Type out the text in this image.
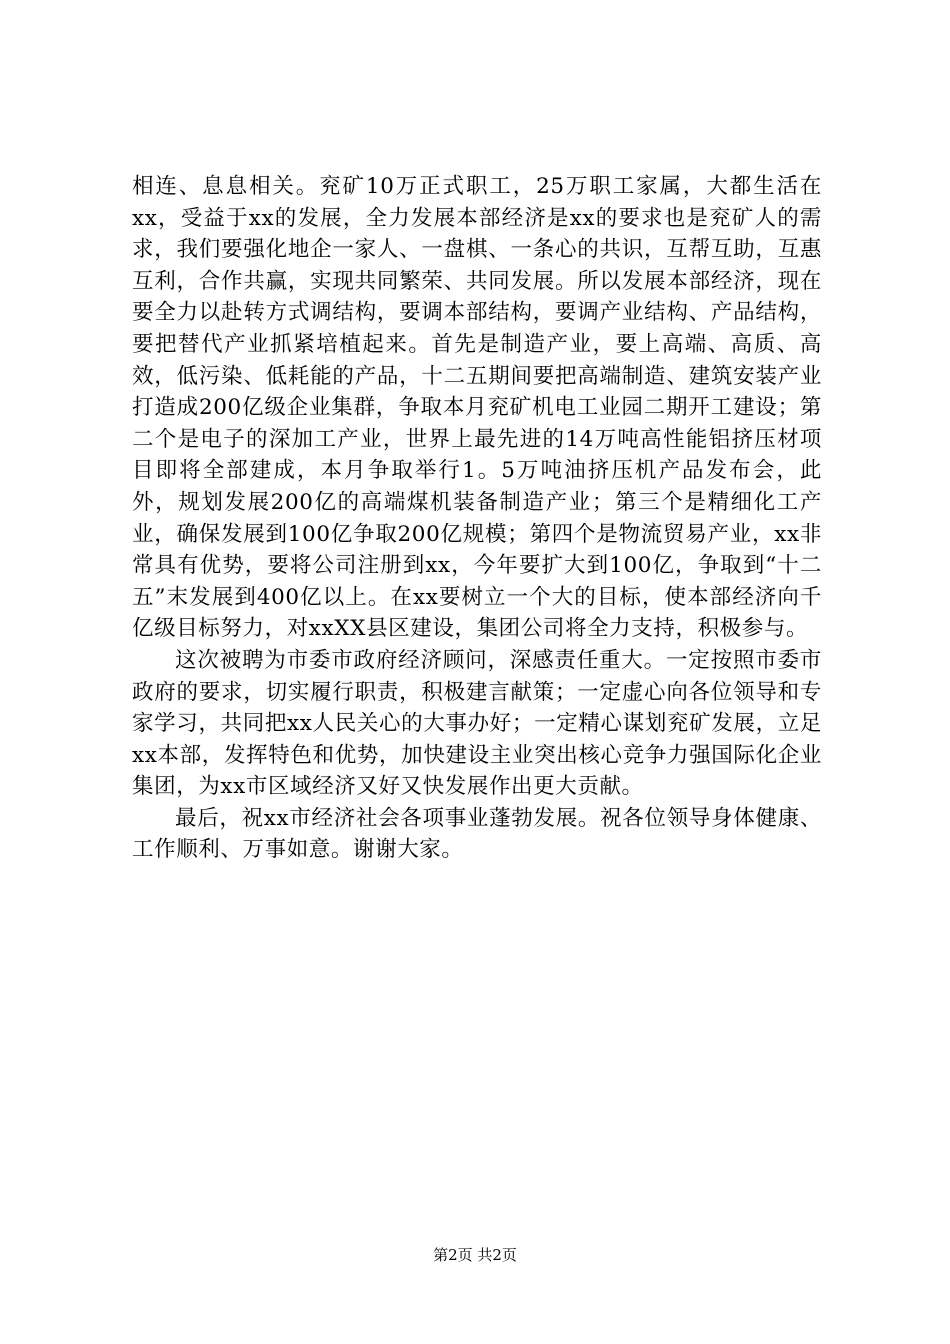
相连、息息相关。兖矿10万正式职工，25万职工家属，大都生活在xx，受益于xx的发展，全力发展本部经济是xx的要求也是兖矿人的需求，我们要强化地企一家人、一盘棋、一条心的共识，互帮互助，互惠互利，合作共赢，实现共同繁荣、共同发展。所以发展本部经济，现在要全力以赴转方式调结构，要调本部结构，要调产业结构、产品结构，要把替代产业抓紧培植起来。首先是制造产业，要上高端、高质、高效，低污染、低耗能的产品，十二五期间要把高端制造、建筑安装产业打造成200亿级企业集群，争取本月兖矿机电工业园二期开工建设；第二个是电子的深加工产业，世界上最先进的14万吨高性能铝挤压材项目即将全部建成，本月争取举行1。5万吨油挤压机产品发布会，此外，规划发展200亿的高端煤机装备制造产业；第三个是精细化工产业，确保发展到100亿争取200亿规模；第四个是物流贸易产业，xx非常具有优势，要将公司注册到xx，今年要扩大到100亿，争取到“十二五”末发展到400亿以上。在xx要树立一个大的目标，使本部经济向千亿级目标努力，对xxXX县区建设，集团公司将全力支持，积极参与。

这次被聘为市委市政府经济顾问，深感责任重大。一定按照市委市政府的要求，切实履行职责，积极建言献策；一定虚心向各位领导和专家学习，共同把xx人民关心的大事办好；一定精心谋划兖矿发展，立足xx本部，发挥特色和优势，加快建设主业突出核心竞争力强国际化企业集团，为xx市区域经济又好又快发展作出更大贡献。

最后，祝xx市经济社会各项事业蓬勃发展。祝各位领导身体健康、工作顺利、万事如意。谢谢大家。

第2页 共2页
